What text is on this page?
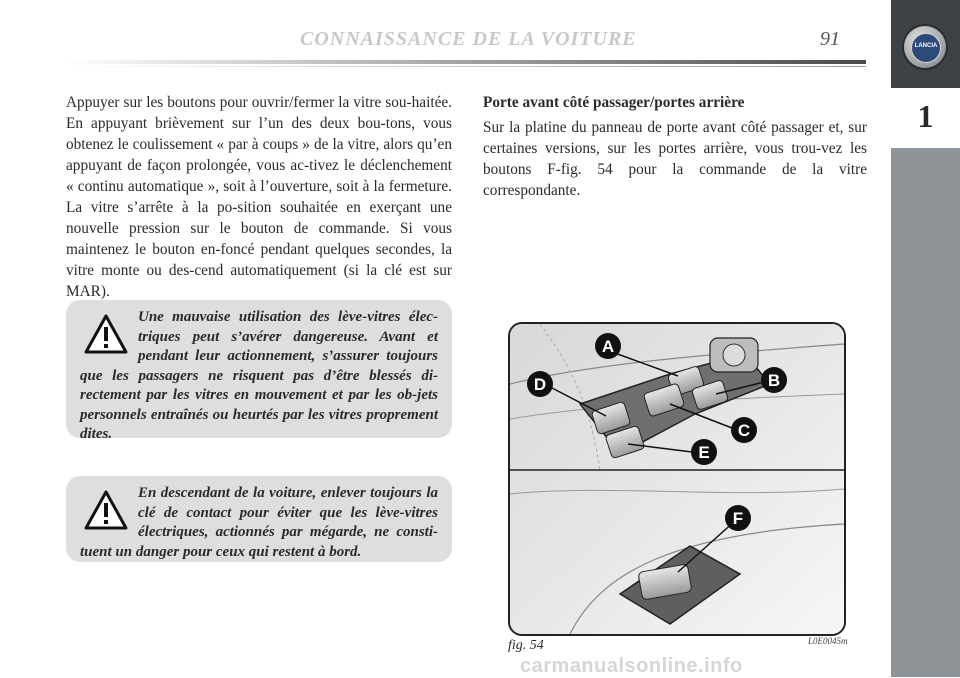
CONNAISSANCE DE LA VOITURE	91	LANCIA
1

Appuyer sur les boutons pour ouvrir/fermer la vitre sou-haitée. En appuyant brièvement sur l’un des deux bou-tons, vous obtenez le coulissement « par à coups » de la vitre, alors qu’en appuyant de façon prolongée, vous ac-tivez le déclenchement « continu automatique », soit à l’ouverture, soit à la fermeture. La vitre s’arrête à la po-sition souhaitée en exerçant une nouvelle pression sur le bouton de commande. Si vous maintenez le bouton en-foncé pendant quelques secondes, la vitre monte ou des-cend automatiquement (si la clé est sur MAR).

Une mauvaise utilisation des lève-vitres élec-triques peut s’avérer dangereuse. Avant et pendant leur actionnement, s’assurer toujours que les passagers ne risquent pas d’être blessés di-rectement par les vitres en mouvement et par les ob-jets personnels entraînés ou heurtés par les vitres proprement dites.

En descendant de la voiture, enlever toujours la clé de contact pour éviter que les lève-vitres électriques, actionnés par mégarde, ne consti-tuent un danger pour ceux qui restent à bord.

Porte avant côté passager/portes arrière

Sur la platine du panneau de porte avant côté passager et, sur certaines versions, sur les portes arrière, vous trou-vez les boutons F-fig. 54 pour la commande de la vitre correspondante.

A
B
C
D
E
F
fig. 54	L0E0045m
carmanualsonline.info
